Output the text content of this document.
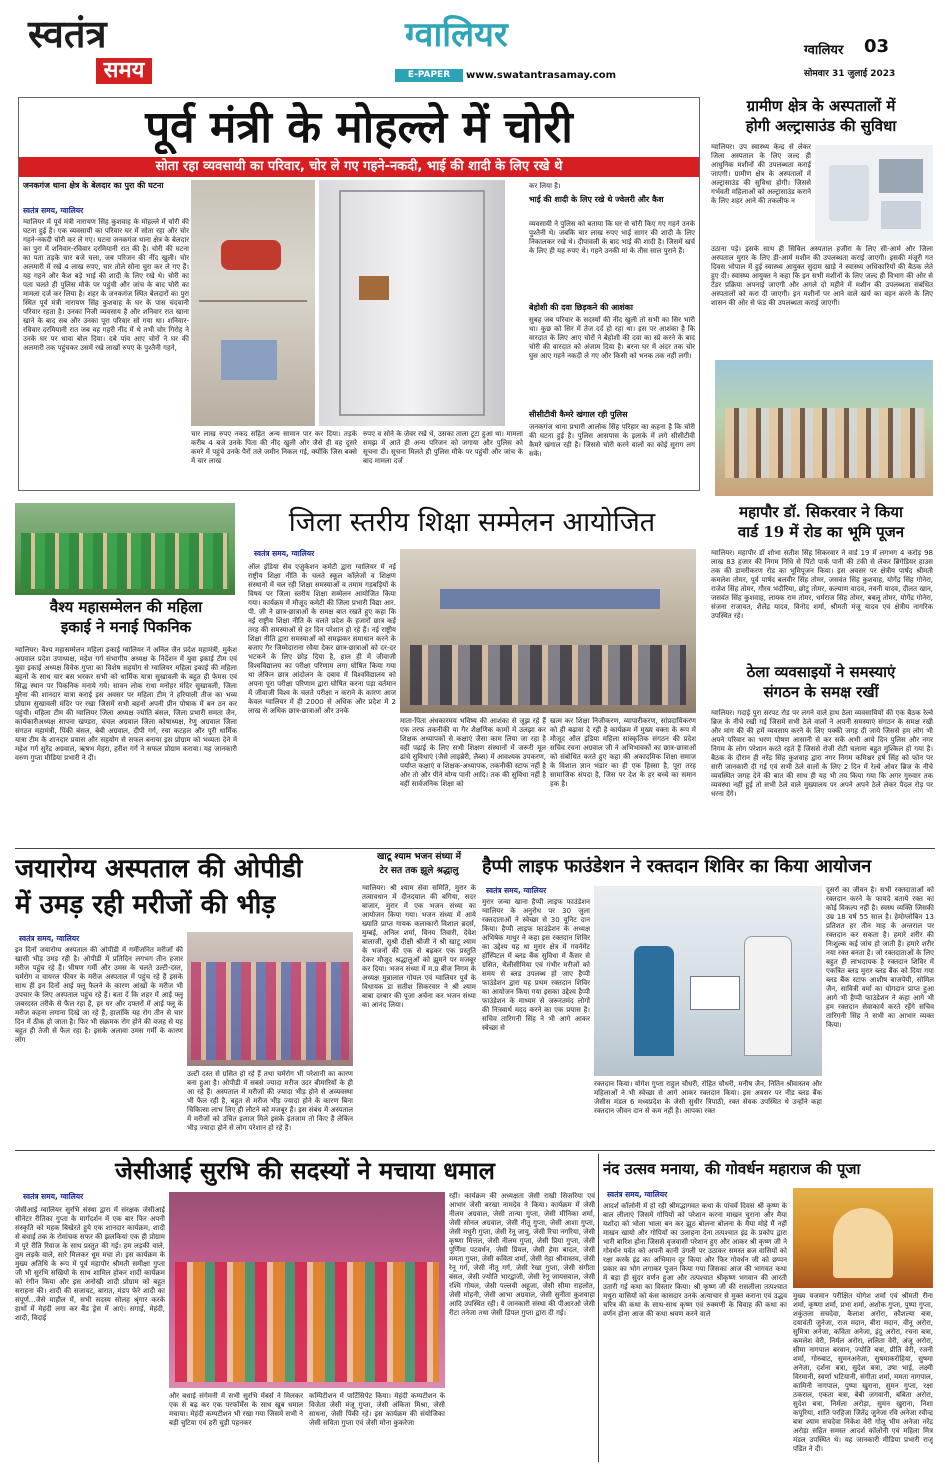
स्वतंत्र
समय
ग्वालियर
E-PAPER	www.swatantrasamay.com
ग्वालियर	03
सोमवार 31 जुलाई 2023
पूर्व मंत्री के मोहल्ले में चोरी
सोता रहा व्यवसायी का परिवार, चोर ले गए गहने-नकदी, भाई की शादी के लिए रखे थे
जनकगंज थाना क्षेत्र के बेलदार का पुरा की घटना
स्वतंत्र समय, ग्वालियर
ग्वालियर में पूर्व मंत्री नारायण सिंह कुशवाह के मोहल्ले में चोरी की घटना हुई है। एक व्यवसायी का परिवार घर में सोता रहा और चोर गहने-नकदी चोरी कर ले गए। घटना जनकगंज थाना क्षेत्र के बेलदार का पुरा में शनिवार-रविवार दरमियानी रात की है। चोरी की घटना का पता तड़के चार बजे चला, जब परिजन की नींद खुली। चोर अलमारी में रखे 4 लाख रुपए, चार तोले सोना चुरा कर ले गए हैं। यह गहने और कैश बड़े भाई की शादी के लिए रखे थे। चोरी का पता चलते ही पुलिस मौके पर पहुंची और जांच के बाद चोरी का मामला दर्ज कर लिया है। शहर के जनकगंज स्थित बेलदारों का पुरा स्थित पूर्व मंत्री नारायण सिंह कुशवाह के घर के पास चंदवानी परिवार रहता है। उनका निजी व्यवसाय है और शनिवार रात खाना खाने के बाद सब और उनका पूरा परिवार सो गया था। शनिवार-रविवार दरमियानी रात जब वह गहरी नींद में थे तभी चोर गिरोह ने उनके घर पर धावा बोल दिया। दबे पांव आए चोरों ने घर की अलमारी तक पहुंचकर उसमें रखे लाखों रुपए के पुश्तैनी गहने,
चार लाख रुपए नकद सहित अन्य सामान पार कर दिया। तड़के करीब 4 बजे उनके पिता की नींद खुली और जैसे ही वह दूसरे कमरे में पहुंचे उनके पैरों तले जमीन निकल गई, क्योंकि जिस बक्से में चार लाख
रुपए व सोने के जेवर रखे थे, उसका ताला टूटा हुआ था। मामला समझ में आते ही अन्य परिजन को जगाया और पुलिस को सूचना दी। सूचना मिलते ही पुलिस मौके पर पहुंची और जांच के बाद मामला दर्ज
कर लिया है।
भाई की शादी के लिए रखे थे ज्वेलरी और कैश
व्यवसायी ने पुलिस को बताया कि घर से चोरी किए गए गहने उनके पुश्तैनी थे। जबकि चार लाख रुपए भाई सागर की शादी के लिए निकालकर रखे थे। दीपावली के बाद भाई की शादी है। जिसमें खर्च के लिए ही यह रुपए थे। गहने उनकी मां के तीस साल पुराने हैं।
बेहोशी की दवा छिड़कने की आशंका
सुबह जब परिवार के सदस्यों की नींद खुली तो सभी का सिर भारी था। कुछ को सिर में तेज दर्द हो रहा था। इस पर आशंका है कि वारदात के लिए आए चोरों ने बेहोशी की दवा का स्प्रे करने के बाद चोरी की वारदात को अंजाम दिया है। बरना घर में अंदर तक चोर घुस आए गहने नकदी ले गए और किसी को भनक तक नहीं लगी।
सीसीटीवी कैमरे खंगाल रही पुलिस
जनकगंज थाना प्रभारी आलोक सिंह परिहार का कहना है कि चोरी की घटना हुई है। पुलिस आसपास के इलाके में लगे सीसीटीवी कैमरे खंगाल रही है। जिससे चोरी करने वालों का कोई सुराग लग सके।
ग्रामीण क्षेत्र के अस्पतालों में
होगी अल्ट्रासाउंड की सुविधा
ग्वालियर। उप स्वास्थ्य केन्द्र से लेकर जिला अस्पताल के लिए जल्द ही आधुनिक मशीनों की उपलब्धता कराई जाएगी। ग्रामीण क्षेत्र के अस्पतालों में अल्ट्रासाउंड की सुविधा होगी। जिससे गर्भवती महिलाओं को अल्ट्रासाउंड कराने के लिए शहर आने की तकलीफ न
उठाना पड़े। इसके साथ ही सिविल अस्पताल हजीरा के लिए सी-आर्म और जिला अस्पताल मुरार के लिए डी-आर्म मशीन की उपलब्धता कराई जाएगी। इसकी मंजूरी गत दिवस भोपाल में हुई स्वास्थ्य आयुक्त सुदाम खाड़े ने स्वास्थ्य अधिकारियों की बैठक लेते हुए दी। स्वास्थ्य आयुक्त ने कहा कि इन सभी मशीनों के लिए जल्द ही विभाग की ओर से टेंडर प्रक्रिया अपनाई जाएगी और अगले दो महीने में मशीन की उपलब्धता संबंधित अस्पतालों को करा दी जाएगी। इन मशीनों पर आने वाले खर्च का वहन करने के लिए शासन की ओर से फंड की उपलब्धता कराई जाएगी।
महापौर डॉ. सिकरवार ने किया
वार्ड 19 में रोड का भूमि पूजन
ग्वालियर। महापौर डॉ शोभा सतीश सिंह सिकरवार ने वार्ड 19 में लगभग 4 करोड़ 98 लाख 83 हजार की निगम निधि से पिंटो पार्क पानी की टंकी से लेकर ब्रिगेडियर हाउस तक की डामरीकरण रोड का भूमिपूजन किया। इस अवसर पर क्षेत्रीय पार्षद श्रीमती कमलेश तोमर, पूर्व पार्षद बलवीर सिंह तोमर, जसवंत सिंह कुशवाह, योगेंद्र सिंह गोनेरा, राजेश सिंह तोमर, गौरव भदौरिया, छोटू तोमर, कल्याण यादव, नवनी यादव, दीलत खान, जसवंत सिंह कुशवाह, लायक राम तोमर, धर्मराज सिंह तोमर, बबलू तोमर, योगेंद्र गोनेरा, संजना राजावत, शैलेंद्र यादव, विनोद शर्मा, श्रीमती मंजू यादव एवं क्षेत्रीय नागरिक उपस्थित रहे।
ठेला व्यवसाइयों ने समस्याएं
संगठन के समक्ष रखीं
ग्वालियर। गदाई पुरा सरपट रोड पर लगने वाले हाथ ठेला व्यवसायियों की एक बैठक रेल्वे ब्रिज के नीचे रखी गई जिसमें सभी ठेले वालों ने अपनी समस्याएं संगठन के समक्ष रखी और मांग की की हमें व्यवसाय करने के लिए पक्की जगह दी जाये जिससे हम लोग भी अपने परिवार का भरण पोषण आसानी से कर सकें अभी आये दिन पुलिस और नगर निगम के लोग परेशान करते रहते हैं जिससे रोजी रोटी चलाना बहुत मुश्किल हो गया है। बैठक के दौरान ही नरेंद्र सिंह कुशवाह द्वारा नगर निगम कमिश्नर हर्ष सिंह को फोन पर सारी जानकारी दी गई एवं सभी ठेले वालों के लिए 2 दिन में रेल्वे ओवर ब्रिज के नीचे व्यवस्थित जगह देने की बात की साथ ही यह भी तय किया गया कि अगर गुरुवार तक व्यवस्था नहीं हुई तो सभी ठेले वाले मुख्यालय पर अपने अपने ठेले लेकर पैदल रोड़ पर धरना देंगे।
वैश्य महासम्मेलन की महिला
इकाई ने मनाई पिकनिक
ग्वालियर। वैश्य महासम्मेलन महिला इकाई ग्वालियर ने अनिल जैन प्रदेश महामंत्री, मुकेश अग्रवाल प्रदेश उपाध्यक्ष, महेश गर्ग संभागीय अध्यक्ष के निर्देशन में युवा इकाई टीम एवं युवा इकाई अध्यक्ष विवेक गुप्ता का विशेष सहयोग से ग्वालियर महिला इकाई की महिला बहनों के साथ चार बस भरकर सभी को धार्मिक यात्रा सुखावली के बहुत ही फेमस एवं सिद्ध स्थान पर पिकनिक मनाये गये। सावन लोक राधा मनोहर मंदिर सुखावली, जिला मुरैना की शानदार यात्रा कराई इस अवसर पर महिला टीम ने हरियाली तीज का भव्य प्रोग्राम सुखावली मंदिर पर रखा जिसमें सभी बहनों अपनी प्रीन पोषाक में बन ठन कर पहुंची। महिला टीम की ग्वालियर जिला अध्यक्ष ज्योति बंसल, जिला प्रभारी समता जैन, कार्यकारीअध्यक्ष सापना खण्डरा, चंचल अग्रवाल जिला कोषाध्यक्ष, रेणु अग्रवाल जिला संगठन महामंत्री, पिंकी बंसल, बेबी अग्रवाल, दीपी गर्ग, रचा कटहल और पूरी धार्मिक यात्रा टीम के शानदार प्रयास और सहयोग से सफल बनाया इस प्रोग्राम को भव्यता देने में महेश गर्ग सुरेंद्र अग्रवाल, ऋषभ मेहरा, हरीश गर्ग ने सफल प्रोग्राम कराया। यह जानकारी वरुण गुप्ता मीडिया प्रभारी ने दी।
जिला स्तरीय शिक्षा सम्मेलन आयोजित
स्वतंत्र समय, ग्वालियर
ऑल इंडिया सेव एजुकेशन कमेटी द्वारा ग्वालियर में नई राष्ट्रीय शिक्षा नीति के चलते स्कूल कॉलेजों व शिक्षण संस्थानों में चल रही शिक्षा समस्याओं व तमाम गड़बड़ियों के विषय पर जिला स्तरीय शिक्षा सम्मेलन आयोजित किया गया। कार्यक्रम में मौजूद कमेटी की जिला प्रभारी विद्या आर. पी. जी ने छात्र-छात्राओं के समक्ष बात रखते हुए कहा कि नई राष्ट्रीय शिक्षा नीति के चलते प्रदेश के हजारों छात्र कई तरह की समस्याओं से हर दिन परेशान हो रहे हैं। नई राष्ट्रीय शिक्षा नीति द्वारा समस्याओं को समझकर समाधान करने के बजाए गैर जिम्मेदाराना रवैया देकर छात्र-छात्राओं को दर-दर भटकने के लिए छोड़ दिया है, हाल ही में जीवाजी विश्वविद्यालय का परीक्षा परिणाम लगा घोषित किया गया था लेकिन छात्र आंदोलन के दबाव में विश्वविद्यालय को अपना पूरा परीक्षा परिणाम द्वारा घोषित करना पड़ा वर्तमान में जीवाजी विश्व के चलते परीक्षा न कराने के कारण आज केवल ग्वालियर में ही 2000 से अधिक और प्रदेश में 2 लाख से अधिक छात्र-छात्राओं और उनके
माता-पिता अंधकारमय भविष्य की आशंका से जूझ रहे हैं एक तरफ तकनीकी या गैर शैक्षणिक कामों में उलझा कर शिक्षक अध्यापकों से कक्षाएं जैसा काम लिया जा रहा है वहीं पढ़ाई के लिए सभी शिक्षण संस्थानों में जरूरी मूल ढांचे सुविधाएं (जैसे लाइब्रेरी, लैब्स) में आवश्यक उपकरण, पर्याप्त कक्षाएं व शिक्षक-अध्यापक, तकनीकी स्टाफ नहीं है और तो और पीने योग्य पानी आदि। तक की सुविधा नहीं है वहीं सार्वजनिक शिक्षा को
खत्म कर शिक्षा निजीकरण, व्यापारीकरण, सांप्रदायिकरण को ही बढ़ावा दे रही है कार्यक्रम में मुख्य वक्ता के रूप में मौजूद ऑल इंडिया महिला सांस्कृतिक संगठन की प्रदेश सचिव रचना अग्रवाल जी ने अभिभावकों का छात्र-छात्राओं को संबोधित करते हुए कहा की अकादमिक शिक्षा समाज के विशाल ज्ञान भंडार का ही एक हिस्सा है, पूरा तरह सामाजिक संपदा है, जिस पर देश के हर बच्चे का समान हक है।
जयारोग्य अस्पताल की ओपीडी
में उमड़ रही मरीजों की भीड़
स्वतंत्र समय, ग्वालियर
इन दिनों जयारोग्य अस्पताल की ओपीडी में गर्मीजनित मरीजों की खासी भीड़ उमड़ रही है। ओपीडी में प्रतिदिन लगभग तीन हजार मरीज पहुंच रहे हैं। भीषण गर्मी और उमस के चलते उल्टी-दस्त, चर्मरोग व वायरल फीवर के मरीज अस्पताल में पहुंच रहे हैं इसके साथ ही इन दिनों आई फ्लू फैलने के कारण आंखों के मरीज भी उपचार के लिए अस्पताल पहुंच रहे हैं। बता दें कि शहर में आई फ्लू जबरदस्त तरीके से फैल रहा है, हर घर और दफ्तरों में आई फ्लू के मरीज कहना लगाना दिखे जा रहे हैं, हालांकि यह रोग तीन से चार दिन में ठीक हो जाता है। फिर भी संक्रमक रोग होने की वजह से यह बहुत ही तेजी से फैल रहा है। इसके अलावा उमस गर्मी के कारण लोग
उल्टी दस्त से ग्रसित हो रहे हैं तथा चर्मरोग भी परेशानी का कारण बना हुआ है। ओपीडी में सबसे ज्यादा मरीज उदर बीमारियों के ही आ रहे हैं। अस्पताल में मरीजों की ज्यादा भीड़ होने से अव्यवस्था भी फैल रही है, बहुत से मरीज भीड़ ज्यादा होने के कारण बिना चिकित्सा लाभ लिए ही लौटने को मजबूर हैं। इस संबंध में अस्पताल में मरीजों को उचित इलाज मिले इसके इंतजाम तो किए हैं लेकिन भीड़ ज्यादा होने से लोग परेशान हो रहे हैं।
खाटू श्याम भजन संध्या में
टेर सत तक झूले श्रद्धालु
ग्वालियर। श्री श्याम सेवा समिति, मुरार के तत्वावधान में दीनदयाल की बगिया, सदर बाजार, मुरार में एक भजन संध्या का आयोजन किया गया। भजन संध्या में आये ख्याति प्राप्त गायक कलाकारों विशाल ब्रदर्स, मुम्बई, अनिल शर्मा, विनय तिवारी, देवेश बालाजी, सुश्री दीक्षी श्रीजी ने श्री खाटू श्याम के भजनों की एक से बढ़कर एक प्रस्तुति देकर मौजूद श्रद्धालुओं को झूमने पर मजबूर कर दिया। भजन संध्या में म.प्र बीज निगम के अध्यक्ष मुन्नालाल गोयल एवं ग्वालियर पूर्व के विधायक डा सतीश सिकरवार ने श्री श्याम बाबा दरबार की पूजा अर्चना कर भजन संध्या का आनंद लिया।
हैप्पी लाइफ फाउंडेशन ने रक्तदान शिविर का किया आयोजन
स्वतंत्र समय, ग्वालियर
मुरार जन्वा खाना हैप्पी लाइफ फाउंडेशन ग्वालियर के अनुरोध पर 30 जुला रक्तदाताओं ने स्वेच्छा से 30 यूनिट दान किया। हैप्पी लाइफ फाउंडेशन के अध्यक्ष अभिषेक माथुर ने कहा इस रक्तदान शिविर का उद्देश्य यह था मुरार क्षेत्र में गवर्नमेंट हॉस्पिटल में ब्लड बैंक सुविधा में कैंसर से ग्रसित, थैलीसीमिया एवं गंभीर मरीजों को समय से ब्लड उपलब्ध हो जाए हैप्पी फाउंडेशन द्वारा यह प्रथम रक्तदान शिविर का आयोजन किया गया इसका उद्देश्य हैप्पी फाउंडेशन के माध्यम से जरूरतमंद लोगों की निःस्वार्थ मदद करने का एक प्रयास है। सचिव तारिगनी सिंह ने भी आगे आकर स्वेच्छा से
रक्तदान किया। योगेश गुप्ता राहुल चौधरी, रोहित चौधरी, मनीष जैन, नितिन श्रीवास्तव और महिलाओं ने भी स्वेच्छा से आगे आकर रक्तदान किया। इस अवसर पर नीड ब्लड बैंक जेसीस मंडल 6 मध्यप्रदेश के जेसी सुधीर त्रिपाठी, रक्त सेवक उपस्थित थे उन्होंने कहा रक्तदान जीवन दान से कम नहीं है। आपका रक्त
दूसरों का जीवन है। सभी रक्तदाताओं को रक्तदान करने के फायदे बताये रक्त का कोई विकल्प नहीं है। स्वस्थ व्यक्ति जिसकी उम्र 18 वर्ष 55 साल है। हेमोग्लोबिन 13 प्रतिशत हर तीन माह के अन्तराल पर रक्तदान कर सकता है। हमारे शरीर की निःशुल्क कई जांच हो जाती है। हमारे शरीर नया रक्त बनता है। जो रक्तदाताओं के लिए बहुत ही लाभदायक है रक्तदान शिविर में एकत्रित ब्लड मुरार ब्लड बैंक को दिया गया ब्लड बैंक स्टाफ आशीष बाजपेयी, सोमिल जैन, सावित्री वर्मा का योगदान प्राप्त हुआ आगे भी हैप्पी फाउंडेशन ने कहा आगे भी हम रक्तदान सेवाकार्य करते रहेंगे सचिव तारिगनी सिंह ने सभी का आभार व्यक्त किया।
जेसीआई सुरभि की सदस्यों ने मचाया धमाल
स्वतंत्र समय, ग्वालियर
जेसीआई ग्वालियर सुरभि संस्था द्वारा में संरक्षक जेसीआई सीनेटर रीतिका गुप्ता के मार्गदर्शन में एक बार फिर अपनी संस्कृति को महक बिखेरते हुये एक शानदार कार्यक्रम, शादी से बधाई तक के रोमांचक सफर की झलकियां एक ही प्रोग्राम में पूरे रीति रिवाज के साथ प्रस्तुत की गई। हम लड़की वाले, तुम लड़के वाले, सारे मिलकर धूम मचा ले। इस कार्यक्रम के मुख्य अतिथि के रूप में पूर्व महापौर श्रीमती समीक्षा गुप्ता जी भी सुरभि सखियों के साथ शामिल होकर शादी कार्यक्रम को रंगीन किया और इस अनोखी शादी प्रोग्राम को बहुत सराहना की। शादी की सजावट, बारात, मंडप फेरे शादी का संपूर्ण...जैसे माहौल में, सभी सदस्य सोलह श्रृंगार करके हाथों में मेहंदी लगा कर बैंड ड्रेस में आएं। सगाई, मेहंदी, शादी, विदाई
और बधाई संगेमनी में सभी सुरभि मेंबर्स ने मिलकर एक से बढ़ कर एक परफॉर्मेंस के साथ खूब धमाल मचाया। मेहंदी कम्पटीशन भी रखा गया जिसमें सभी ने बड़ी चुटिया एवं हरी चुड़ी पहनकर
कम्पिटीशन में पार्टिसिपेट किया। मेहंदी कम्पटीशन के विजेता जेसी मंजू गुप्ता, जेसी अंकिता मिश्रा, जेसी साधना, जेसी पिंकी रहे। इस कार्यक्रम की संयोजिका जेसी सविता गुप्ता एवं जेसी मोना कुकरेजा
रहीं। कार्यक्रम की अध्यक्षता जेसी राखी सिजरिया एवं आभार जेसी बरखा नामदेव ने किया। कार्यक्रम में जेसी नीलम अग्रवाल, जेसी तान्या गुप्ता, जेसी मीनिका शर्मा, जेसी सोनल अग्रवाल, जेसी नीतू गुप्ता, जेसी आशा गुप्ता, जेसी मधुरी गुप्ता, जेसी रेनू जायु, जेसी रिचा नगरिया, जेसी कृष्णा मित्तल, जेसी नीलम गुप्ता, जेसी प्रिया गुप्ता, जेसी पूर्णिमा पटवर्धन, जेसी प्रियल, जेसी हेमा बादल, जेसी ममता गुप्ता, जेसी कविता शर्मा, जेसी नेहा श्रीवास्तव, जेसी रेनू गर्ग, जेसी नीतू गर्ग, जेसी रेखा गुप्ता, जेसी संगीता बंसल, जेसी ज्योति भारद्वाजी, जेसी रेनू जायसवाल, जेसी रश्मि गोयल, जेसी पल्लवी अहूजा, जेसी सीमा राहलोत, जेसी मोहनी, जेसी आभा अग्रवाल, जेसी सुनीता कुशवाहा आदि उपस्थित रही। ये जानकारी संस्था की पीआरओ जेसी रीटा तनेजा तथा जेसी डिंपल गुप्ता द्वारा दी गई।
नंद उत्सव मनाया, की गोवर्धन महाराज की पूजा
स्वतंत्र समय, ग्वालियर
आदर्श कॉलोनी में हो रही श्रीमद्भागवत कथा के पांचवें दिवस श्री कृष्ण के बाल लीलाएं जिसमें गोपियों को परेशान करना माखन चुराना और मैया यशोदा को भोला भाला बन कर झूठ बोलना बोलना के मैया मोहे मैं नहीं माखन खायो और गोपियों का उलाहना देना तत्पश्चात इंद्र के प्रकोप द्वारा भारी बारिश होना जिससे वृजवासी परेशान हुए और आकर श्री कृष्ण जी ने गोवर्धन पर्वत को अपनी कानी उंगली पर उठाकर समस्त ब्रज वासियों को रक्षा करके इंद्र का अभिमान दूर किया और फिर गोवर्धन जी को छप्पन प्रकार का भोग लगाकर पूजन किया गया जिसका आज की भागवत कथा में बड़ा ही सुंदर वर्णन हुआ और तत्पश्चात श्रीकृष्ण भगवान की आरती उतारी गई कथा का विस्तार किया। श्री कृष्ण जी की रासलीला तत्पश्चात मथुरा वासियों को कंस कासदार उनके अत्याचार से मुक्त कराना एवं उद्धव चरित्र की कथा के साथ-साथ कृष्ण एवं रुक्मणी के विवाह की कथा का वर्णन होना आज की कथा श्रवण करने वाले
मुख्य यजमान परीक्षित योगेश शर्मा एवं श्रीमती रीना शर्मा, कृष्णा शर्मा, प्रभा शर्मा, अशोक गुप्ता, पुष्पा गुप्ता, शकुंतला सचदेवा, कैलाश अरोरा, कौशल्या बत्रा, दयावंती जुनेजा, राज मदान, बीरा मदान, वीनू अरोरा, सुमित्रा अनेजा, कविता अनेजा, इंदु अरोरा, रचना बत्रा, कमलेश वेरी, निर्मल अरोरा, ललिता वेरी, अंजू अरोरा, सीमा नागपाल बरवान, ज्योति बत्रा, प्रीति वेरी, रजनी शर्मा, गोरुबाट, सुमनअनेजा, सुषमाकरोहिया, सुषमा अनेजा, दर्शना बत्रा, सुदेश बत्रा, उषा भाई, लक्ष्मी विरमानी, स्वर्णा भटियानी, संगीता शर्मा, ममता नागपाल, कामिनी नागपाल, पुष्पा खुराना, सुमन गुप्ता, रक्षा ठकराल, एकता बत्रा, बेबी जगवानी, बबिता अरोरा, सुदेश बत्रा, निर्मला अरोड़ा, सुमन खुराना, निशा कपूरिया, शांति परहिजा जितेंद्र जुनेजा रवि अनेजा रवीन्द्र बत्रा श्याम सचदेवा निकेश वेरी गोलू भीम अनेजा नरेंद्र अरोड़ा सहित समस्त आदर्श कॉलोनी एवं महिला मित्र मंडल उपस्थित थे। यह जानकारी मीडिया प्रभारी राजू पंडित ने दी।
